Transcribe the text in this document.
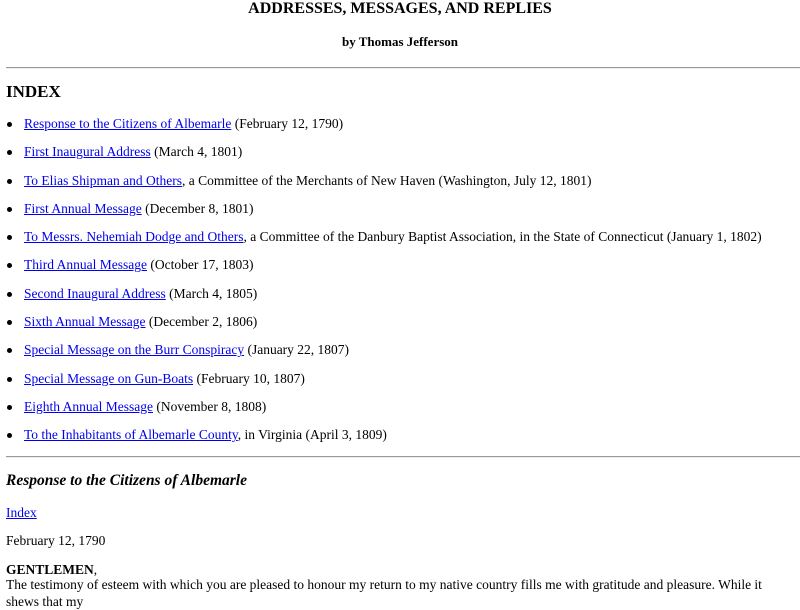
ADDRESSES, MESSAGES, AND REPLIES
by Thomas Jefferson
INDEX
Response to the Citizens of Albemarle (February 12, 1790)
First Inaugural Address (March 4, 1801)
To Elias Shipman and Others, a Committee of the Merchants of New Haven (Washington, July 12, 1801)
First Annual Message (December 8, 1801)
To Messrs. Nehemiah Dodge and Others, a Committee of the Danbury Baptist Association, in the State of Connecticut (January 1, 1802)
Third Annual Message (October 17, 1803)
Second Inaugural Address (March 4, 1805)
Sixth Annual Message (December 2, 1806)
Special Message on the Burr Conspiracy (January 22, 1807)
Special Message on Gun-Boats (February 10, 1807)
Eighth Annual Message (November 8, 1808)
To the Inhabitants of Albemarle County, in Virginia (April 3, 1809)
Response to the Citizens of Albemarle
Index
February 12, 1790
GENTLEMEN,

The testimony of esteem with which you are pleased to honour my return to my native country fills me with gratitude and pleasure. While it shews that my
